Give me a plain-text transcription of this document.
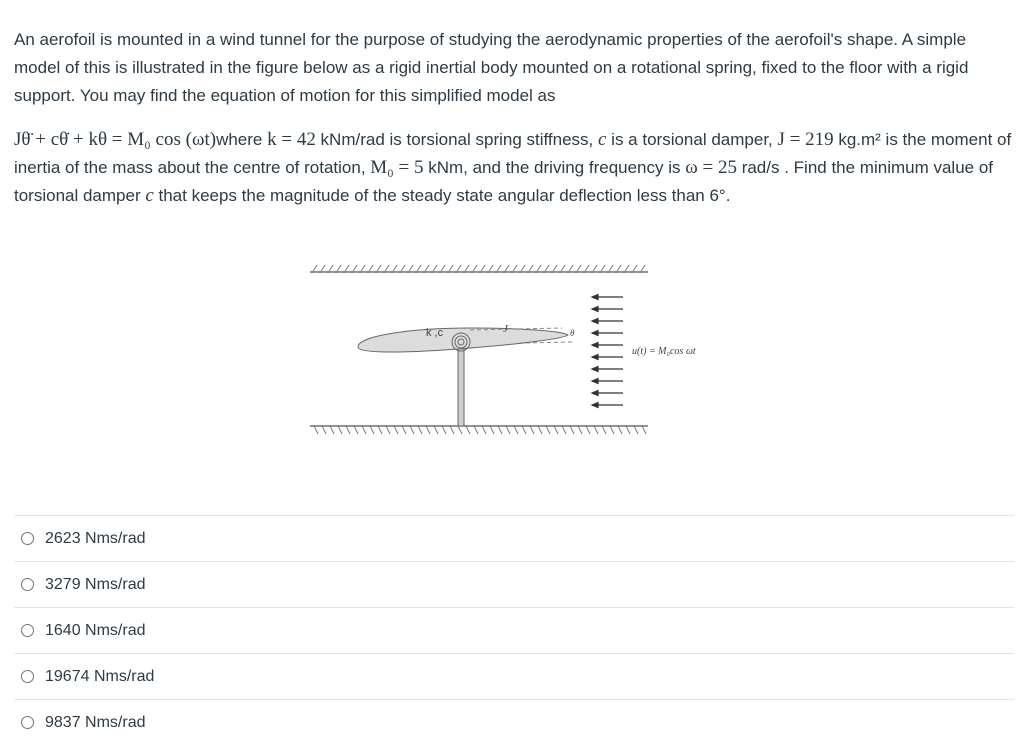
An aerofoil is mounted in a wind tunnel for the purpose of studying the aerodynamic properties of the aerofoil's shape. A simple model of this is illustrated in the figure below as a rigid inertial body mounted on a rotational spring, fixed to the floor with a rigid support. You may find the equation of motion for this simplified model as

Jθ̈ + cθ̇ + kθ = M₀ cos (ωt)where k = 42 kNm/rad is torsional spring stiffness, c is a torsional damper, J = 219 kg.m² is the moment of inertia of the mass about the centre of rotation, M₀ = 5 kNm, and the driving frequency is ω = 25 rad/s . Find the minimum value of torsional damper c that keeps the magnitude of the steady state angular deflection less than 6°.

k ,c	J	θ
u(t) = M₀cos ωt
2623 Nms/rad
3279 Nms/rad
1640 Nms/rad
19674 Nms/rad
9837 Nms/rad
